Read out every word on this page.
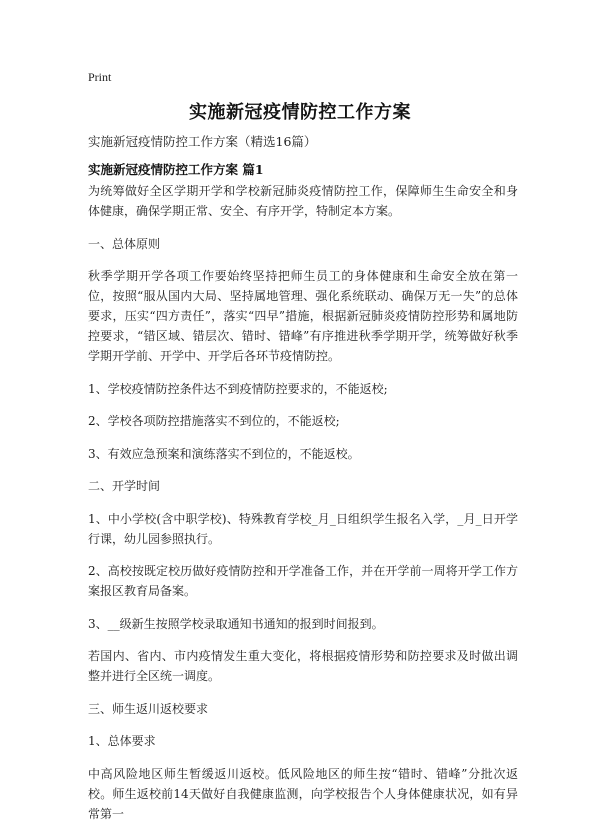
Print
实施新冠疫情防控工作方案
实施新冠疫情防控工作方案（精选16篇）
实施新冠疫情防控工作方案 篇1

为统筹做好全区学期开学和学校新冠肺炎疫情防控工作，保障师生生命安全和身体健康，确保学期正常、安全、有序开学，特制定本方案。

一、总体原则

秋季学期开学各项工作要始终坚持把师生员工的身体健康和生命安全放在第一位，按照“服从国内大局、坚持属地管理、强化系统联动、确保万无一失”的总体要求，压实“四方责任”，落实“四早”措施，根据新冠肺炎疫情防控形势和属地防控要求，“错区域、错层次、错时、错峰”有序推进秋季学期开学，统筹做好秋季学期开学前、开学中、开学后各环节疫情防控。

1、学校疫情防控条件达不到疫情防控要求的，不能返校;

2、学校各项防控措施落实不到位的，不能返校;

3、有效应急预案和演练落实不到位的，不能返校。

二、开学时间

1、中小学校(含中职学校)、特殊教育学校_月_日组织学生报名入学，_月_日开学行课，幼儿园参照执行。

2、高校按既定校历做好疫情防控和开学准备工作，并在开学前一周将开学工作方案报区教育局备案。

3、__级新生按照学校录取通知书通知的报到时间报到。

若国内、省内、市内疫情发生重大变化，将根据疫情形势和防控要求及时做出调整并进行全区统一调度。

三、师生返川返校要求

1、总体要求

中高风险地区师生暂缓返川返校。低风险地区的师生按“错时、错峰”分批次返校。师生返校前14天做好自我健康监测，向学校报告个人身体健康状况，如有异常第一
